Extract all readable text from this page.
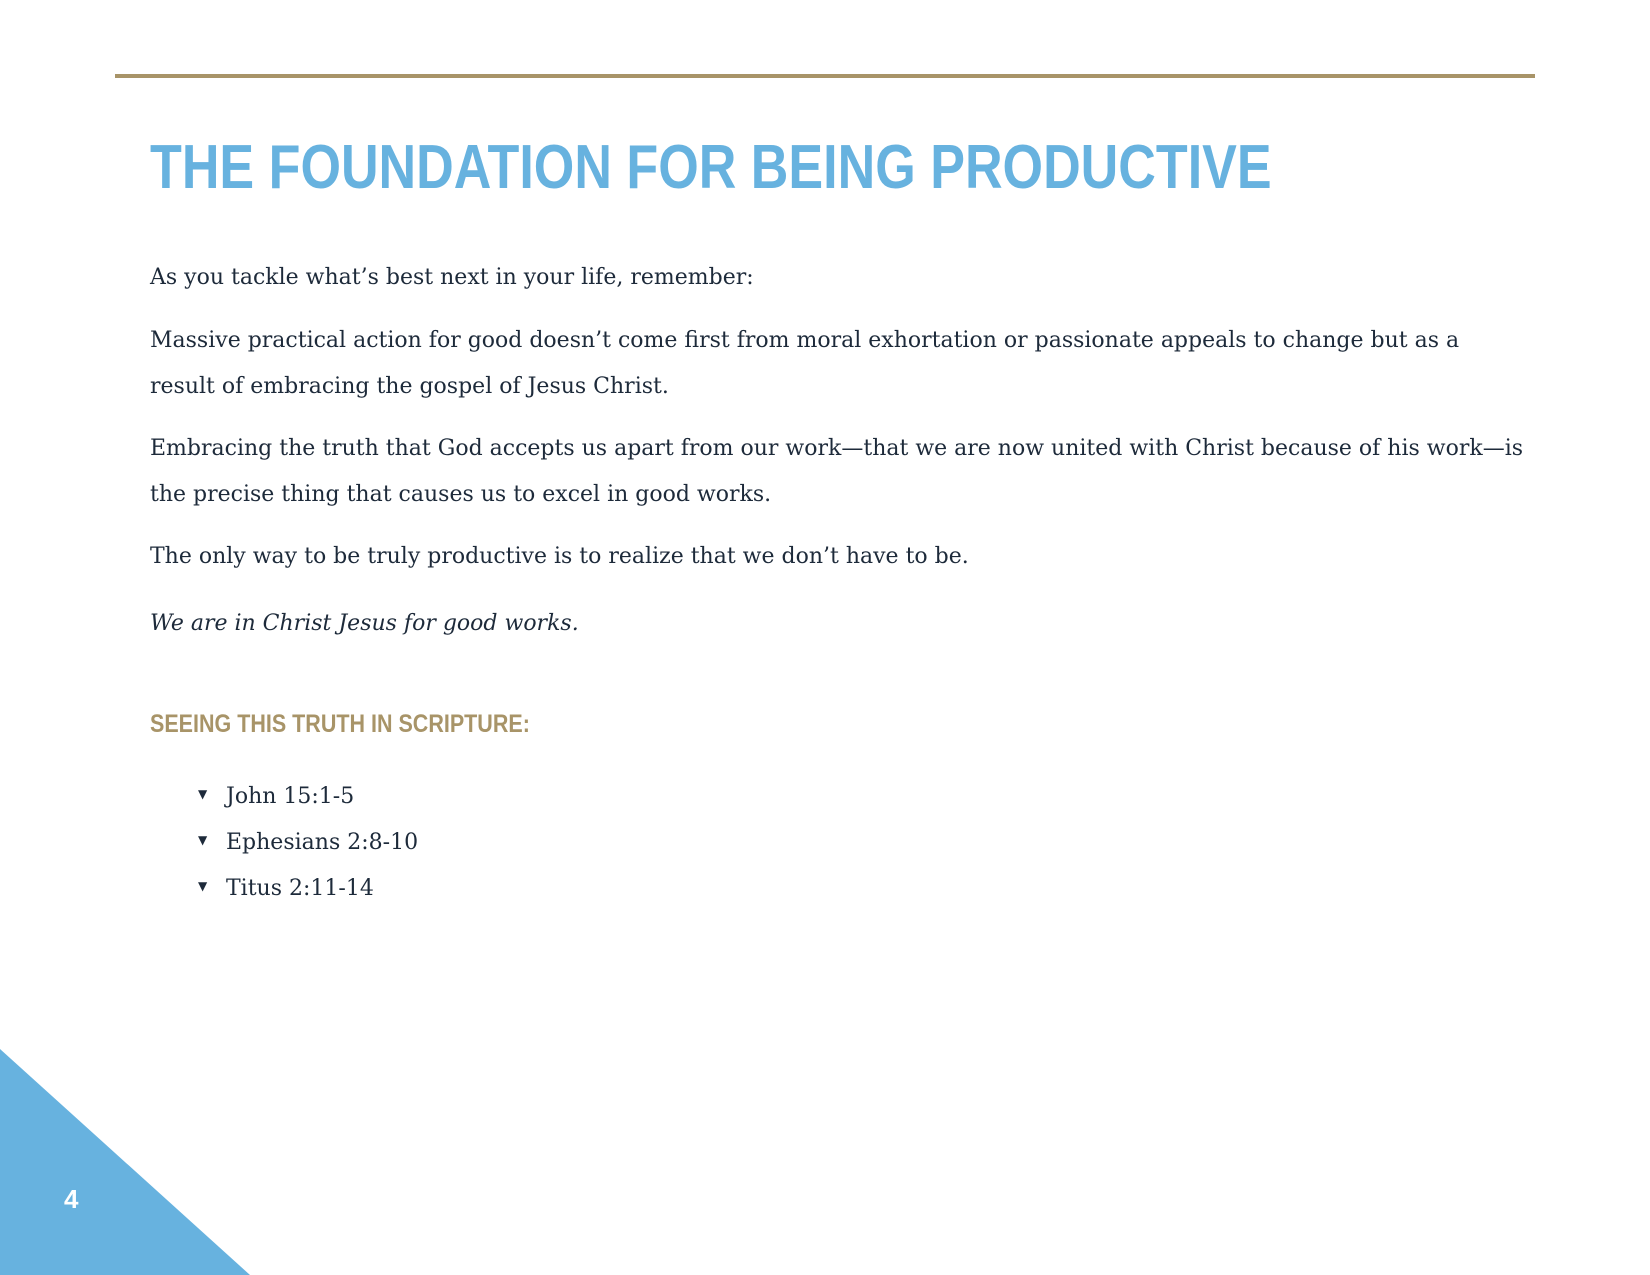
THE FOUNDATION FOR BEING PRODUCTIVE

As you tackle what’s best next in your life, remember:

Massive practical action for good doesn’t come first from moral exhortation or passionate appeals to change but as a result of embracing the gospel of Jesus Christ.

Embracing the truth that God accepts us apart from our work—that we are now united with Christ because of his work—is the precise thing that causes us to excel in good works.

The only way to be truly productive is to realize that we don’t have to be.

We are in Christ Jesus for good works.

SEEING THIS TRUTH IN SCRIPTURE:
▼ John 15:1-5
▼ Ephesians 2:8-10
▼ Titus 2:11-14
4
